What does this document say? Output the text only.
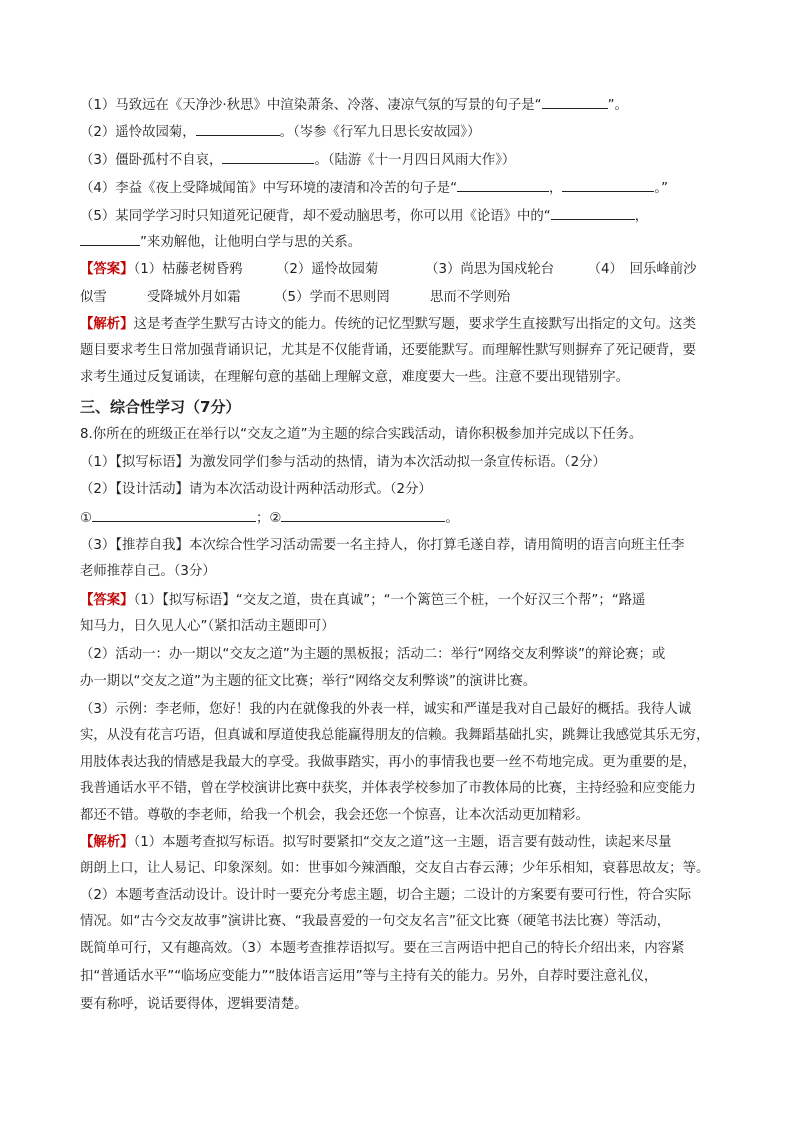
（1）马致远在《天净沙·秋思》中渲染萧条、冷落、凄凉气氛的写景的句子是“	”。
（2）遥怜故园菊，	。（岑参《行军九日思长安故园》）
（3）僵卧孤村不自哀，	。（陆游《十一月四日风雨大作》）
（4）李益《夜上受降城闻笛》中写环境的凄清和冷苦的句子是“	，	。”
（5）某同学学习时只知道死记硬背，却不爱动脑思考，你可以用《论语》中的“	，
”来劝解他，让他明白学与思的关系。
【答案】（1）枯藤老树昏鸦　　　（2）遥怜故园菊　　　　（3）尚思为国戍轮台　　　（4）　回乐峰前沙
似雪　　　受降城外月如霜　　　（5）学而不思则罔　　　思而不学则殆
【解析】这是考查学生默写古诗文的能力。传统的记忆型默写题，要求学生直接默写出指定的文句。这类
题目要求考生日常加强背诵识记，尤其是不仅能背诵，还要能默写。而理解性默写则摒弃了死记硬背，要
求考生通过反复诵读，在理解句意的基础上理解文意，难度要大一些。注意不要出现错别字。
三、综合性学习（7分）
8.你所在的班级正在举行以“交友之道”为主题的综合实践活动，请你积极参加并完成以下任务。
（1）【拟写标语】为激发同学们参与活动的热情，请为本次活动拟一条宣传标语。（2分）
（2）【设计活动】请为本次活动设计两种活动形式。（2分）
①	；②	。
（3）【推荐自我】本次综合性学习活动需要一名主持人，你打算毛遂自荐，请用简明的语言向班主任李
老师推荐自己。（3分）
【答案】（1）【拟写标语】“交友之道，贵在真诚”；“一个篱笆三个桩，一个好汉三个帮”；“路遥
知马力，日久见人心”（紧扣活动主题即可）
（2）活动一：办一期以“交友之道”为主题的黑板报；活动二：举行“网络交友利弊谈”的辩论赛；或
办一期以“交友之道”为主题的征文比赛；举行“网络交友利弊谈”的演讲比赛。
（3）示例：李老师，您好！我的内在就像我的外表一样，诚实和严谨是我对自己最好的概括。我待人诚
实，从没有花言巧语，但真诚和厚道使我总能赢得朋友的信赖。我舞蹈基础扎实，跳舞让我感觉其乐无穷，
用肢体表达我的情感是我最大的享受。我做事踏实，再小的事情我也要一丝不苟地完成。更为重要的是，
我普通话水平不错，曾在学校演讲比赛中获奖，并体表学校参加了市教体局的比赛，主持经验和应变能力
都还不错。尊敬的李老师，给我一个机会，我会还您一个惊喜，让本次活动更加精彩。
【解析】（1）本题考查拟写标语。拟写时要紧扣“交友之道”这一主题，语言要有鼓动性，读起来尽量
朗朗上口，让人易记、印象深刻。如：世事如今辣酒酿，交友自古春云薄；少年乐相知，衰暮思故友；等。
（2）本题考查活动设计。设计时一要充分考虑主题，切合主题；二设计的方案要有要可行性，符合实际
情况。如“古今交友故事”演讲比赛、“我最喜爱的一句交友名言”征文比赛（硬笔书法比赛）等活动，
既简单可行，又有趣高效。（3）本题考查推荐语拟写。要在三言两语中把自己的特长介绍出来，内容紧
扣“普通话水平”“临场应变能力”“肢体语言运用”等与主持有关的能力。另外，自荐时要注意礼仪，
要有称呼，说话要得体，逻辑要清楚。
